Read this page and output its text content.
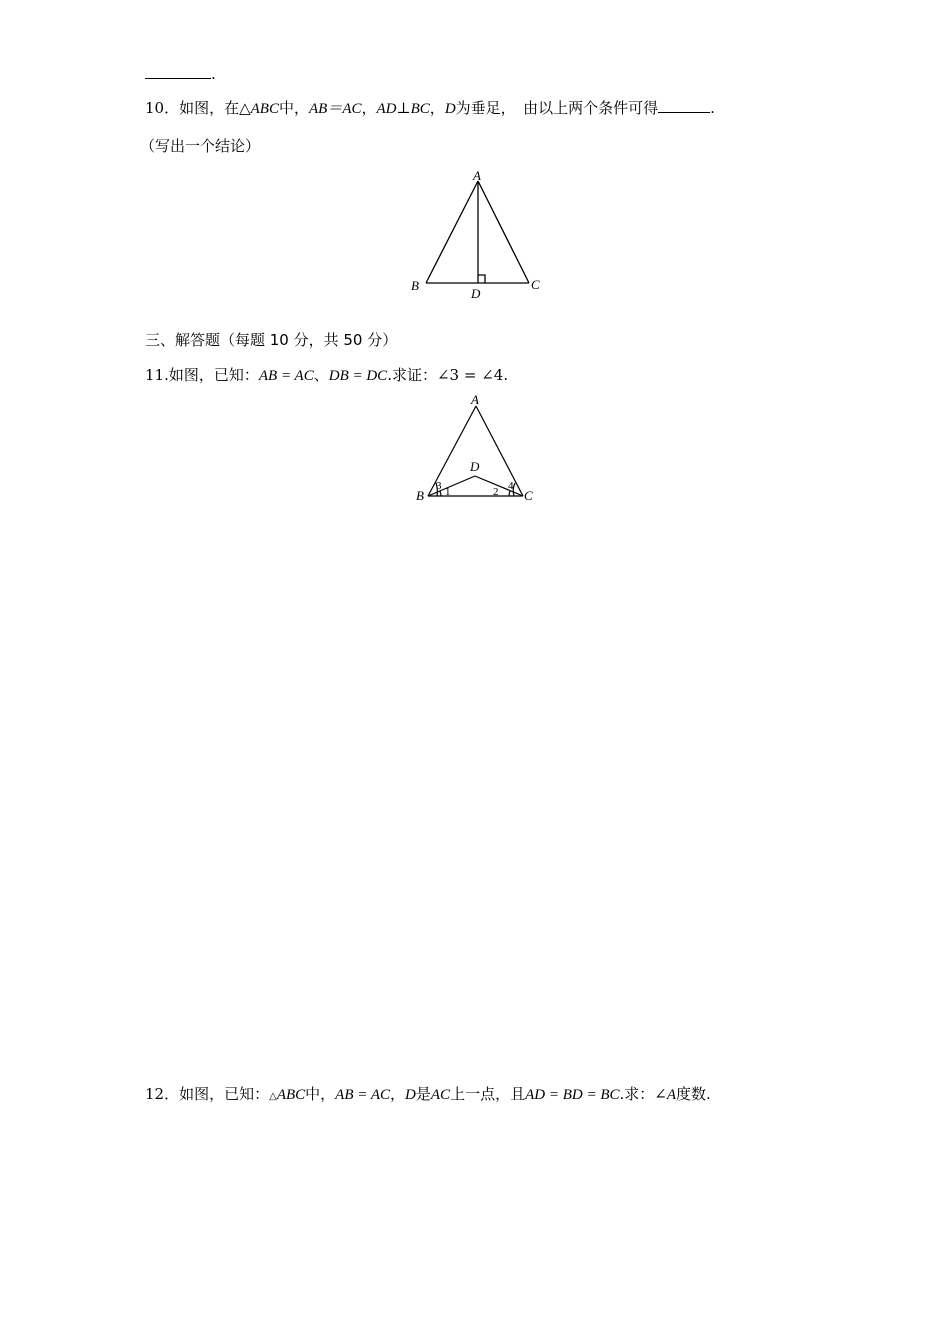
.
10．如图，在△ABC中，AB＝AC，AD⊥BC，D为垂足，　由以上两个条件可得	.
（写出一个结论）
A
B	C
D
三、解答题（每题 10 分，共 50 分）
11.如图，已知：AB = AC、DB = DC.求证：∠3 = ∠4.
A
B	C
D
1	2
3	4
12．如图，已知：△ABC中，AB = AC，D是AC上一点，且AD = BD = BC.求：∠A度数.
